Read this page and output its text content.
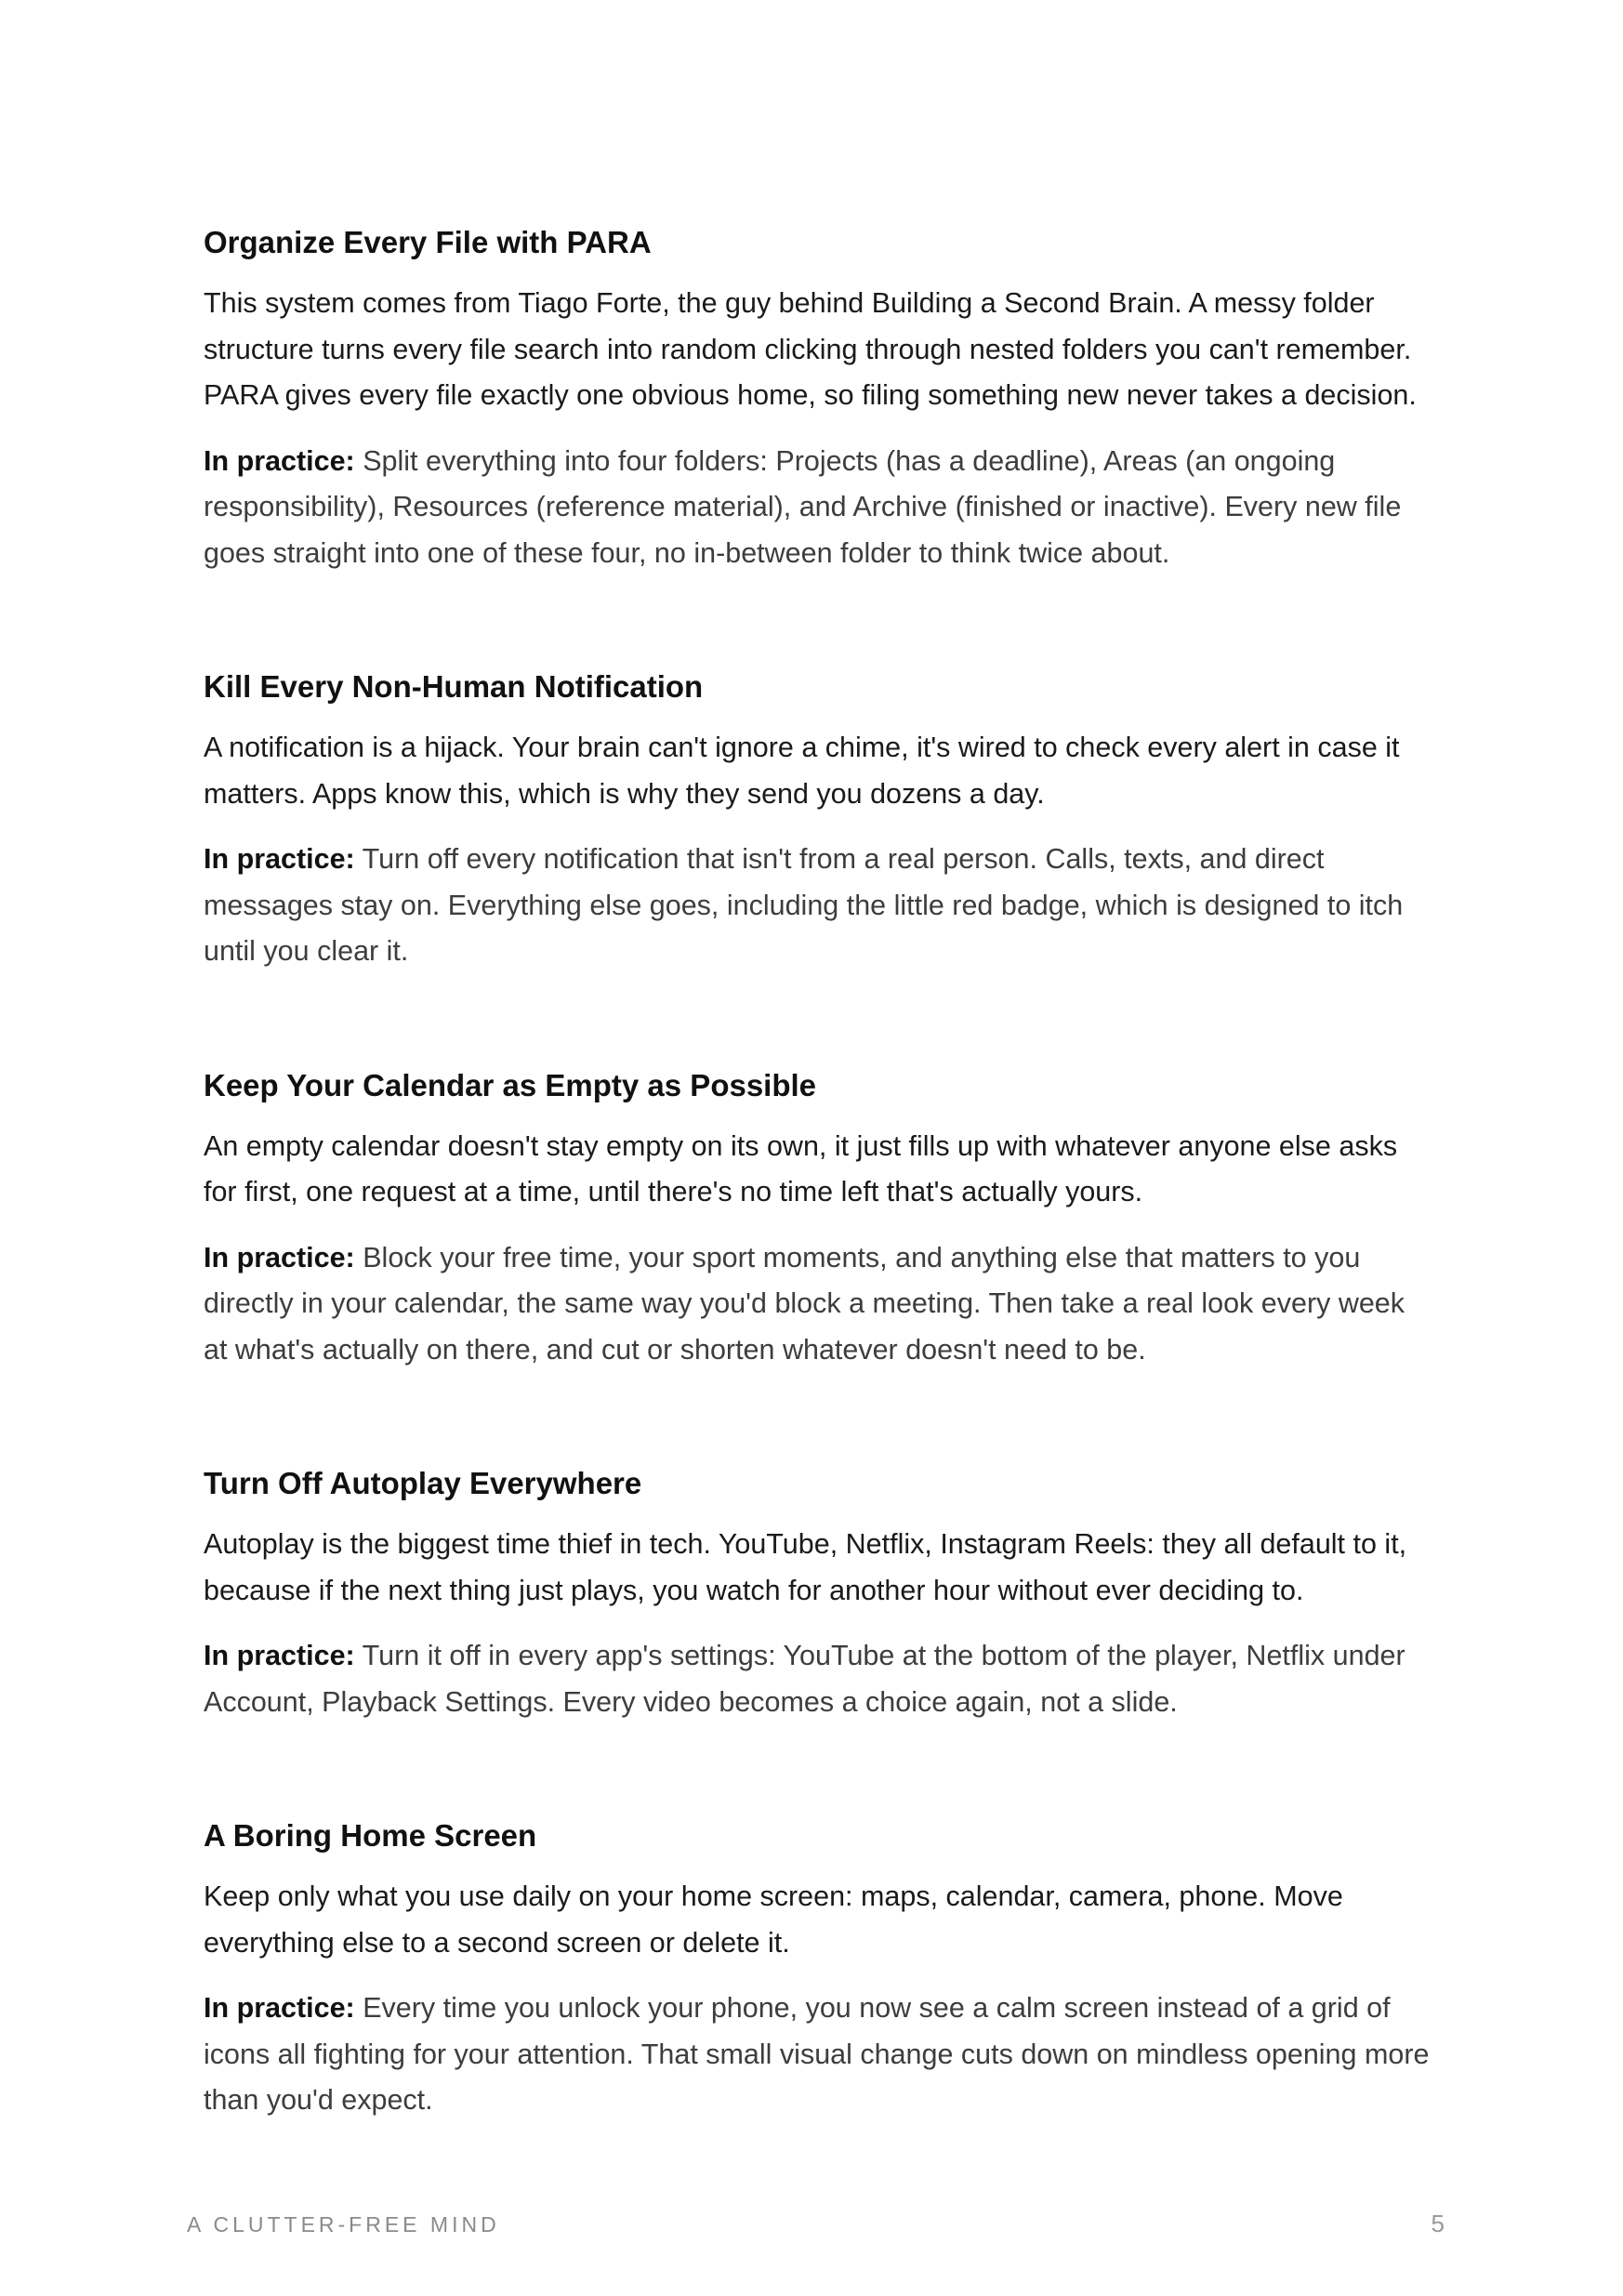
Organize Every File with PARA

This system comes from Tiago Forte, the guy behind Building a Second Brain. A messy folder structure turns every file search into random clicking through nested folders you can't remember. PARA gives every file exactly one obvious home, so filing something new never takes a decision.

In practice: Split everything into four folders: Projects (has a deadline), Areas (an ongoing responsibility), Resources (reference material), and Archive (finished or inactive). Every new file goes straight into one of these four, no in-between folder to think twice about.

Kill Every Non-Human Notification

A notification is a hijack. Your brain can't ignore a chime, it's wired to check every alert in case it matters. Apps know this, which is why they send you dozens a day.

In practice: Turn off every notification that isn't from a real person. Calls, texts, and direct messages stay on. Everything else goes, including the little red badge, which is designed to itch until you clear it.

Keep Your Calendar as Empty as Possible

An empty calendar doesn't stay empty on its own, it just fills up with whatever anyone else asks for first, one request at a time, until there's no time left that's actually yours.

In practice: Block your free time, your sport moments, and anything else that matters to you directly in your calendar, the same way you'd block a meeting. Then take a real look every week at what's actually on there, and cut or shorten whatever doesn't need to be.

Turn Off Autoplay Everywhere

Autoplay is the biggest time thief in tech. YouTube, Netflix, Instagram Reels: they all default to it, because if the next thing just plays, you watch for another hour without ever deciding to.

In practice: Turn it off in every app's settings: YouTube at the bottom of the player, Netflix under Account, Playback Settings. Every video becomes a choice again, not a slide.

A Boring Home Screen

Keep only what you use daily on your home screen: maps, calendar, camera, phone. Move everything else to a second screen or delete it.

In practice: Every time you unlock your phone, you now see a calm screen instead of a grid of icons all fighting for your attention. That small visual change cuts down on mindless opening more than you'd expect.

A CLUTTER-FREE MIND	5
